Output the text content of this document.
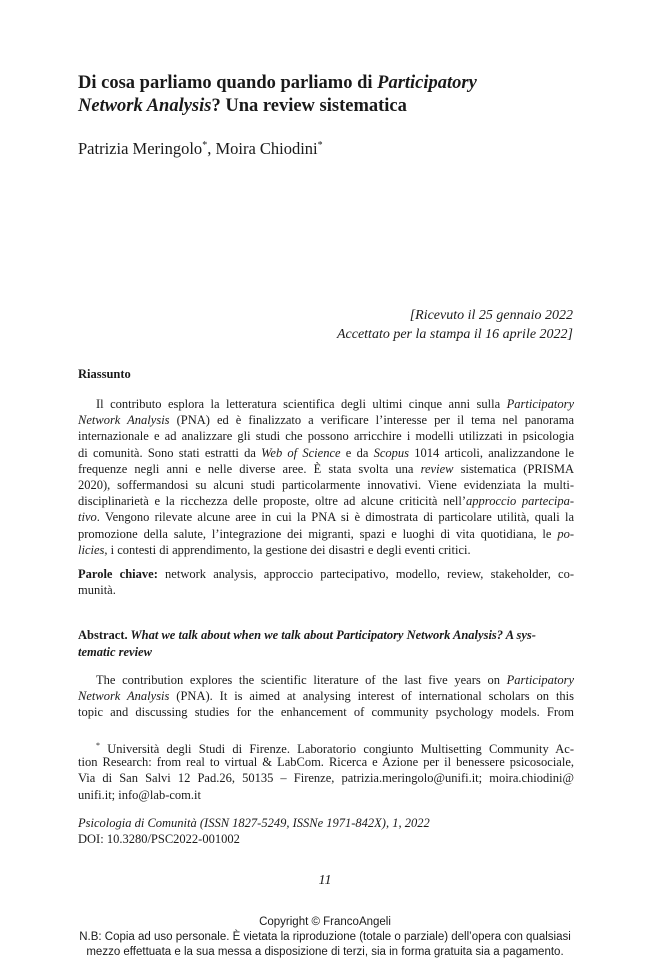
Di cosa parliamo quando parliamo di Participatory
Network Analysis? Una review sistematica
Patrizia Meringolo*, Moira Chiodini*
[Ricevuto il 25 gennaio 2022
Accettato per la stampa il 16 aprile 2022]
Riassunto
Il contributo esplora la letteratura scientifica degli ultimi cinque anni sulla Participatory
Network Analysis (PNA) ed è finalizzato a verificare l’interesse per il tema nel panorama
internazionale e ad analizzare gli studi che possono arricchire i modelli utilizzati in psicologia
di comunità. Sono stati estratti da Web of Science e da Scopus 1014 articoli, analizzandone le
frequenze negli anni e nelle diverse aree. È stata svolta una review sistematica (PRISMA
2020), soffermandosi su alcuni studi particolarmente innovativi. Viene evidenziata la multi-
disciplinarietà e la ricchezza delle proposte, oltre ad alcune criticità nell’approccio partecipa-
tivo. Vengono rilevate alcune aree in cui la PNA si è dimostrata di particolare utilità, quali la
promozione della salute, l’integrazione dei migranti, spazi e luoghi di vita quotidiana, le po-
licies, i contesti di apprendimento, la gestione dei disastri e degli eventi critici.
Parole chiave: network analysis, approccio partecipativo, modello, review, stakeholder, co-
munità.
Abstract. What we talk about when we talk about Participatory Network Analysis? A sys-
tematic review
The contribution explores the scientific literature of the last five years on Participatory
Network Analysis (PNA). It is aimed at analysing interest of international scholars on this
topic and discussing studies for the enhancement of community psychology models. From
* Università degli Studi di Firenze. Laboratorio congiunto Multisetting Community Ac-
tion Research: from real to virtual & LabCom. Ricerca e Azione per il benessere psicosociale,
Via di San Salvi 12 Pad.26, 50135 – Firenze, patrizia.meringolo@unifi.it; moira.chiodini@
unifi.it; info@lab-com.it
Psicologia di Comunità (ISSN 1827-5249, ISSNe 1971-842X), 1, 2022
DOI: 10.3280/PSC2022-001002
11
Copyright © FrancoAngeli
N.B: Copia ad uso personale. È vietata la riproduzione (totale o parziale) dell’opera con qualsiasi
mezzo effettuata e la sua messa a disposizione di terzi, sia in forma gratuita sia a pagamento.
